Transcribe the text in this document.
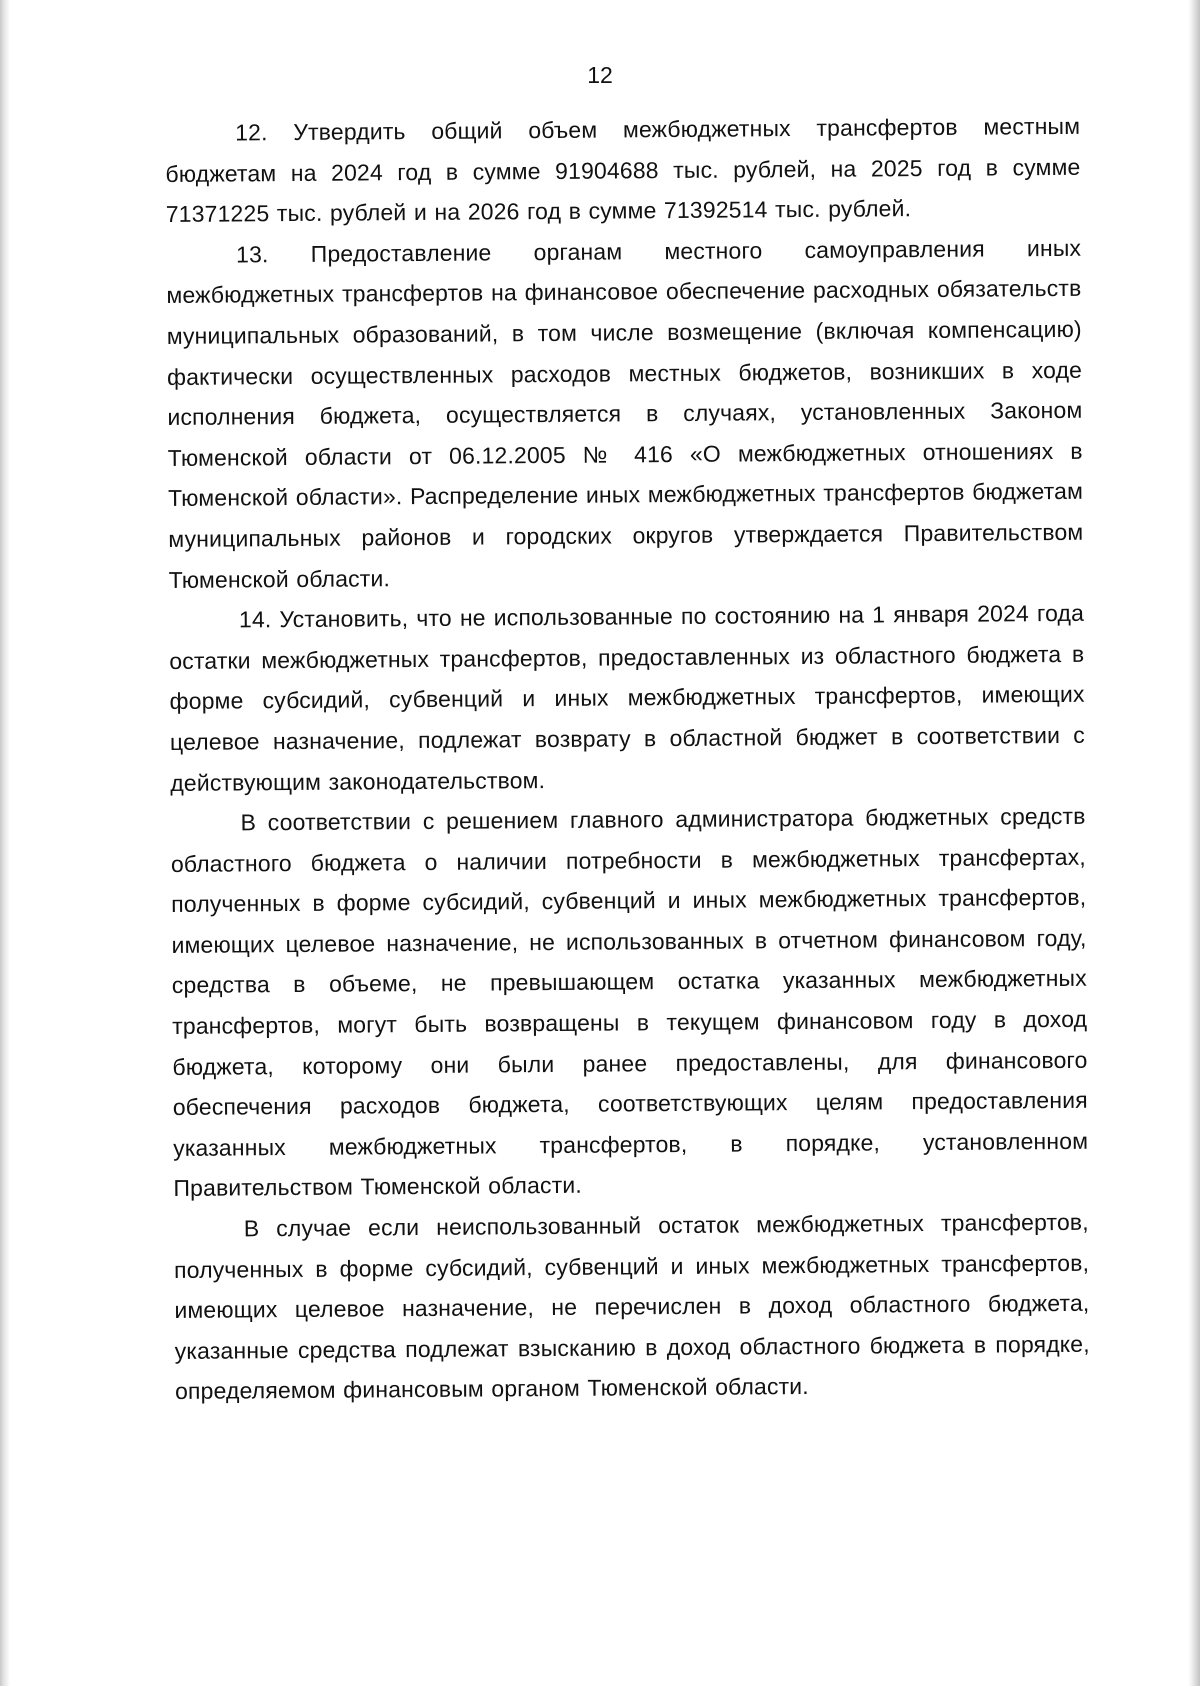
12

12. Утвердить общий объем межбюджетных трансфертов местным бюджетам на 2024 год в сумме 91904688 тыс. рублей, на 2025 год в сумме 71371225 тыс. рублей и на 2026 год в сумме 71392514 тыс. рублей.

13. Предоставление органам местного самоуправления иных межбюджетных трансфертов на финансовое обеспечение расходных обязательств муниципальных образований, в том числе возмещение (включая компенсацию) фактически осуществленных расходов местных бюджетов, возникших в ходе исполнения бюджета, осуществляется в случаях, установленных Законом Тюменской области от 06.12.2005 № 416 «О межбюджетных отношениях в Тюменской области». Распределение иных межбюджетных трансфертов бюджетам муниципальных районов и городских округов утверждается Правительством Тюменской области.

14. Установить, что не использованные по состоянию на 1 января 2024 года остатки межбюджетных трансфертов, предоставленных из областного бюджета в форме субсидий, субвенций и иных межбюджетных трансфертов, имеющих целевое назначение, подлежат возврату в областной бюджет в соответствии с действующим законодательством.

В соответствии с решением главного администратора бюджетных средств областного бюджета о наличии потребности в межбюджетных трансфертах, полученных в форме субсидий, субвенций и иных межбюджетных трансфертов, имеющих целевое назначение, не использованных в отчетном финансовом году, средства в объеме, не превышающем остатка указанных межбюджетных трансфертов, могут быть возвращены в текущем финансовом году в доход бюджета, которому они были ранее предоставлены, для финансового обеспечения расходов бюджета, соответствующих целям предоставления указанных межбюджетных трансфертов, в порядке, установленном Правительством Тюменской области.

В случае если неиспользованный остаток межбюджетных трансфертов, полученных в форме субсидий, субвенций и иных межбюджетных трансфертов, имеющих целевое назначение, не перечислен в доход областного бюджета, указанные средства подлежат взысканию в доход областного бюджета в порядке, определяемом финансовым органом Тюменской области.
